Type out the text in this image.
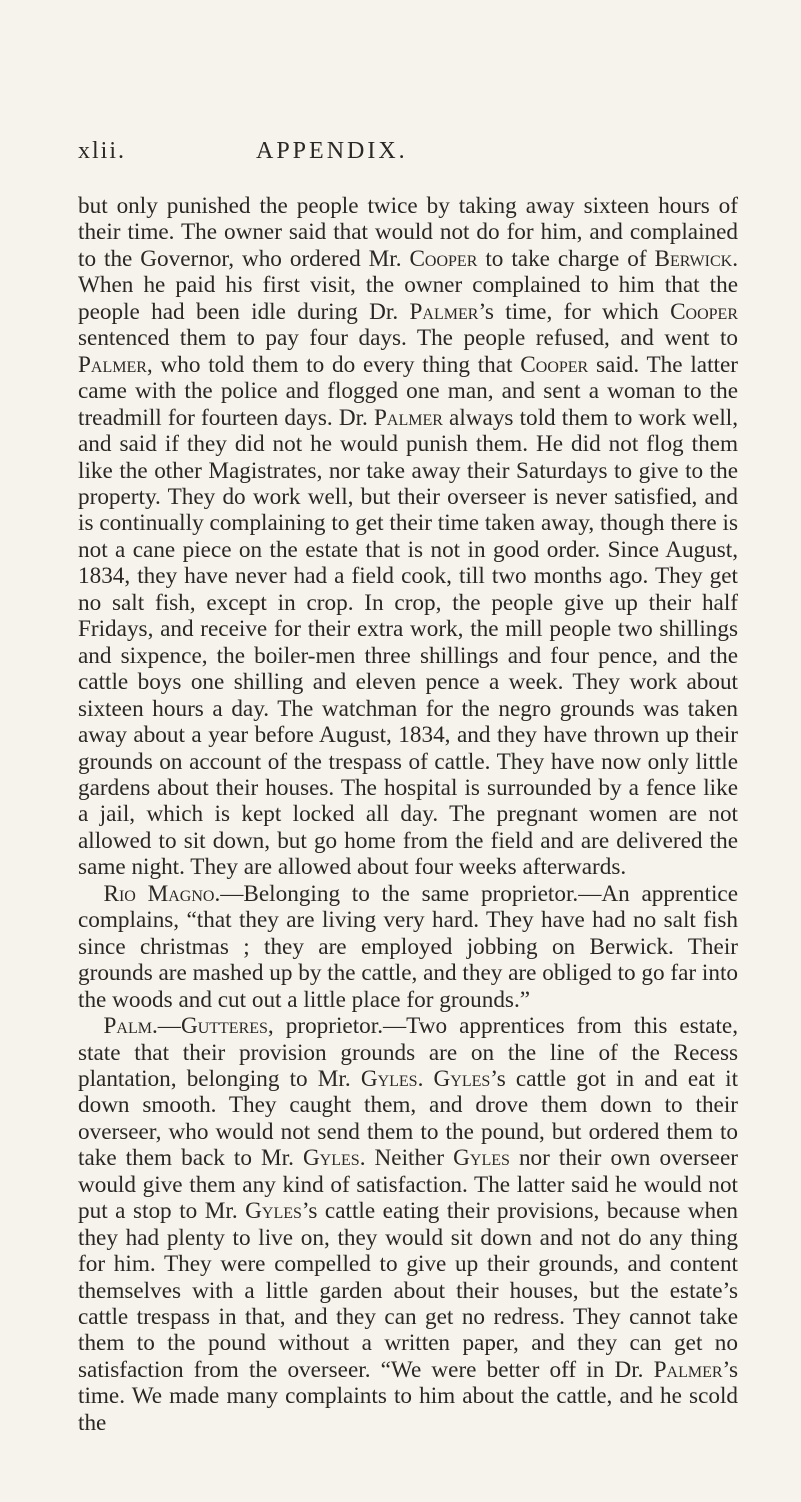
xlii.	APPENDIX.

but only punished the people twice by taking away sixteen hours of their time. The owner said that would not do for him, and complained to the Governor, who ordered Mr. Cooper to take charge of Berwick. When he paid his first visit, the owner complained to him that the people had been idle during Dr. Palmer’s time, for which Cooper sentenced them to pay four days. The people refused, and went to Palmer, who told them to do every thing that Cooper said. The latter came with the police and flogged one man, and sent a woman to the treadmill for fourteen days. Dr. Palmer always told them to work well, and said if they did not he would punish them. He did not flog them like the other Magistrates, nor take away their Saturdays to give to the property. They do work well, but their overseer is never satisfied, and is continually complaining to get their time taken away, though there is not a cane piece on the estate that is not in good order. Since August, 1834, they have never had a field cook, till two months ago. They get no salt fish, except in crop. In crop, the people give up their half Fridays, and receive for their extra work, the mill people two shillings and sixpence, the boiler-men three shillings and four pence, and the cattle boys one shilling and eleven pence a week. They work about sixteen hours a day. The watchman for the negro grounds was taken away about a year before August, 1834, and they have thrown up their grounds on account of the trespass of cattle. They have now only little gardens about their houses. The hospital is surrounded by a fence like a jail, which is kept locked all day. The pregnant women are not allowed to sit down, but go home from the field and are delivered the same night. They are allowed about four weeks afterwards.

Rio Magno.—Belonging to the same proprietor.—An apprentice complains, “that they are living very hard. They have had no salt fish since christmas ; they are employed jobbing on Berwick. Their grounds are mashed up by the cattle, and they are obliged to go far into the woods and cut out a little place for grounds.”

Palm.—Gutteres, proprietor.—Two apprentices from this estate, state that their provision grounds are on the line of the Recess plantation, belonging to Mr. Gyles. Gyles’s cattle got in and eat it down smooth. They caught them, and drove them down to their overseer, who would not send them to the pound, but ordered them to take them back to Mr. Gyles. Neither Gyles nor their own overseer would give them any kind of satisfaction. The latter said he would not put a stop to Mr. Gyles’s cattle eating their provisions, because when they had plenty to live on, they would sit down and not do any thing for him. They were compelled to give up their grounds, and content themselves with a little garden about their houses, but the estate’s cattle trespass in that, and they can get no redress. They cannot take them to the pound without a written paper, and they can get no satisfaction from the overseer. “We were better off in Dr. Palmer’s time. We made many complaints to him about the cattle, and he scold the
